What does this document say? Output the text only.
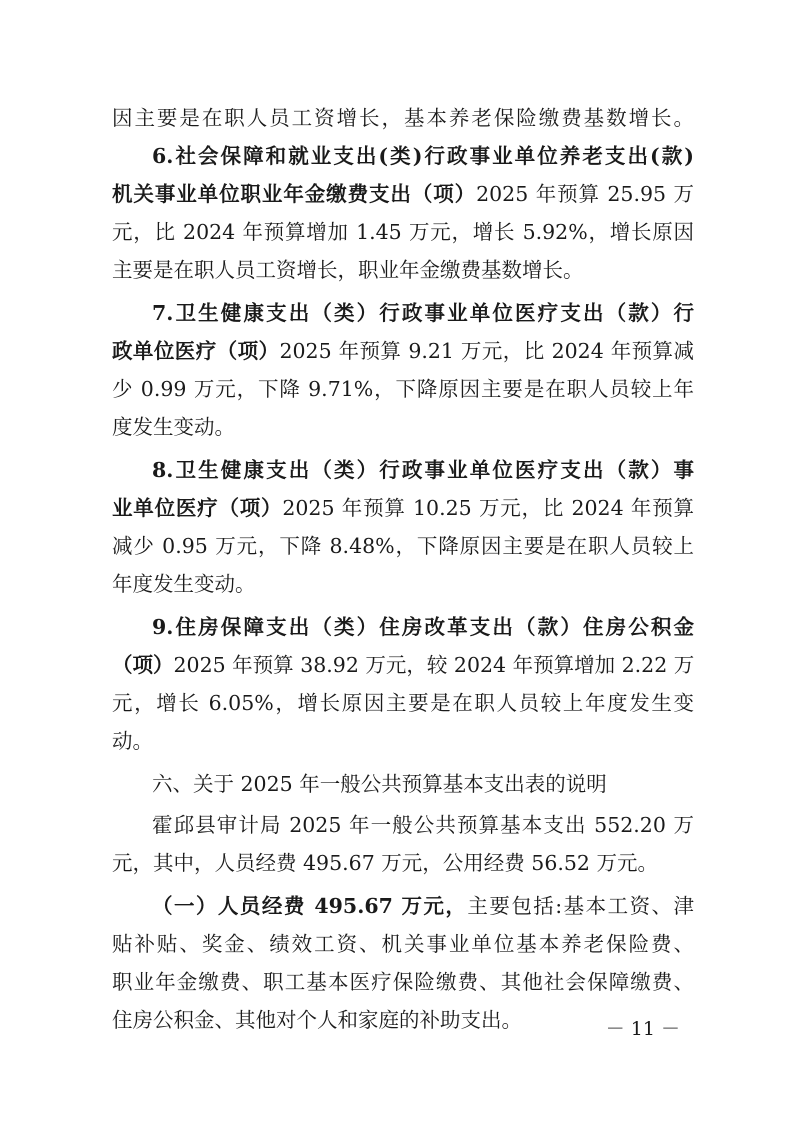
因主要是在职人员工资增长，基本养老保险缴费基数增长。
6.社会保障和就业支出(类)行政事业单位养老支出(款)
机关事业单位职业年金缴费支出（项）2025 年预算 25.95 万
元，比 2024 年预算增加 1.45 万元，增长 5.92%，增长原因
主要是在职人员工资增长，职业年金缴费基数增长。
7.卫生健康支出（类）行政事业单位医疗支出（款）行
政单位医疗（项）2025 年预算 9.21 万元，比 2024 年预算减
少 0.99 万元，下降 9.71%，下降原因主要是在职人员较上年
度发生变动。
8.卫生健康支出（类）行政事业单位医疗支出（款）事
业单位医疗（项）2025 年预算 10.25 万元，比 2024 年预算
减少 0.95 万元，下降 8.48%，下降原因主要是在职人员较上
年度发生变动。
9.住房保障支出（类）住房改革支出（款）住房公积金
（项）2025 年预算 38.92 万元，较 2024 年预算增加 2.22 万
元，增长 6.05%，增长原因主要是在职人员较上年度发生变
动。
六、关于 2025 年一般公共预算基本支出表的说明
霍邱县审计局 2025 年一般公共预算基本支出 552.20 万
元，其中，人员经费 495.67 万元，公用经费 56.52 万元。
（一）人员经费 495.67 万元，主要包括:基本工资、津
贴补贴、奖金、绩效工资、机关事业单位基本养老保险费、
职业年金缴费、职工基本医疗保险缴费、其他社会保障缴费、
住房公积金、其他对个人和家庭的补助支出。	－ 11 －
